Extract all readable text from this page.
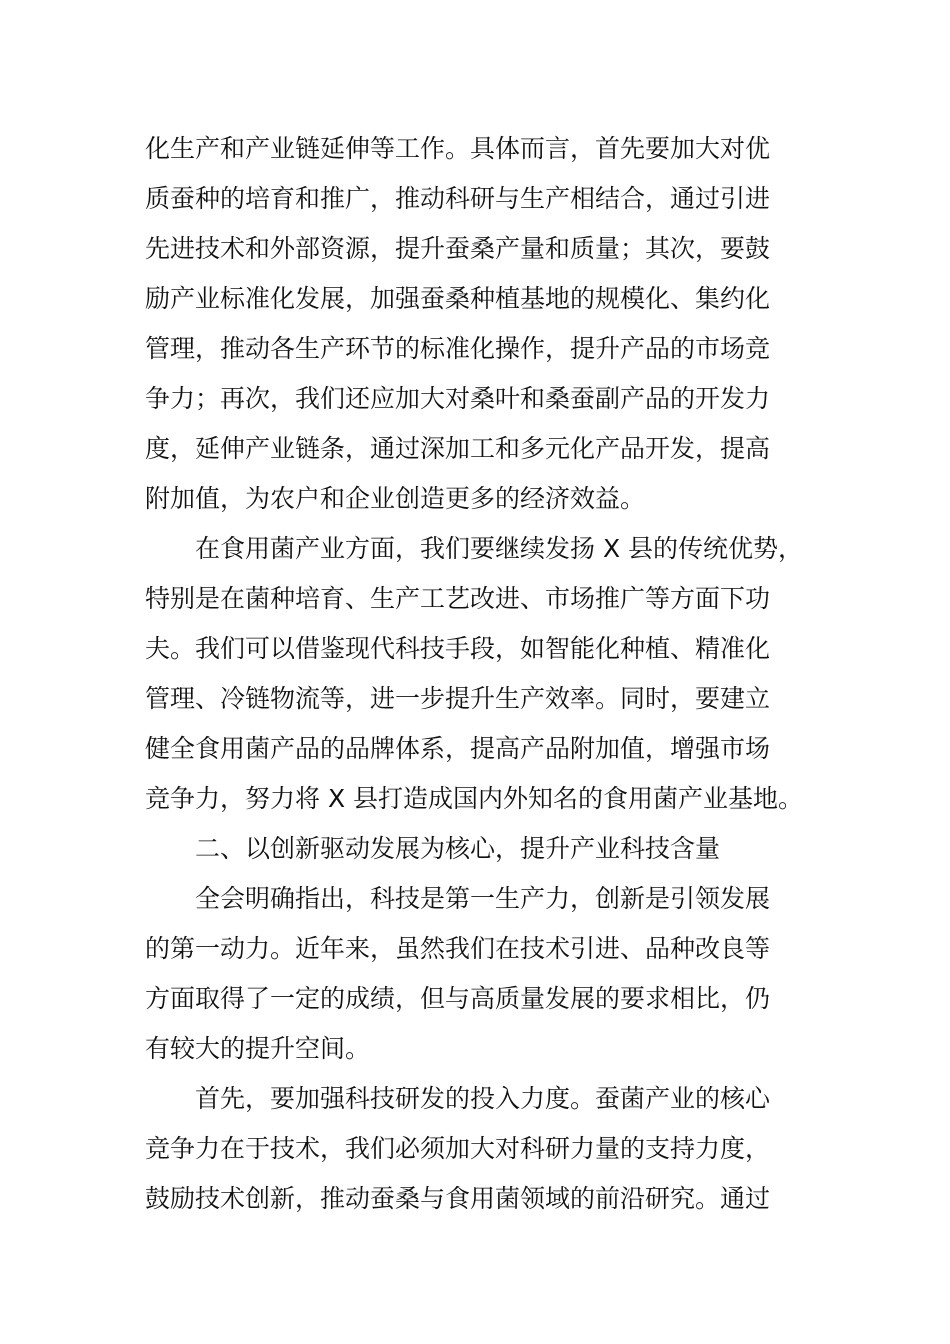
化生产和产业链延伸等工作。具体而言，首先要加大对优
质蚕种的培育和推广，推动科研与生产相结合，通过引进
先进技术和外部资源，提升蚕桑产量和质量；其次，要鼓
励产业标准化发展，加强蚕桑种植基地的规模化、集约化
管理，推动各生产环节的标准化操作，提升产品的市场竞
争力；再次，我们还应加大对桑叶和桑蚕副产品的开发力
度，延伸产业链条，通过深加工和多元化产品开发，提高
附加值，为农户和企业创造更多的经济效益。
在食用菌产业方面，我们要继续发扬 X 县的传统优势，
特别是在菌种培育、生产工艺改进、市场推广等方面下功
夫。我们可以借鉴现代科技手段，如智能化种植、精准化
管理、冷链物流等，进一步提升生产效率。同时，要建立
健全食用菌产品的品牌体系，提高产品附加值，增强市场
竞争力，努力将 X 县打造成国内外知名的食用菌产业基地。
二、以创新驱动发展为核心，提升产业科技含量
全会明确指出，科技是第一生产力，创新是引领发展
的第一动力。近年来，虽然我们在技术引进、品种改良等
方面取得了一定的成绩，但与高质量发展的要求相比，仍
有较大的提升空间。
首先，要加强科技研发的投入力度。蚕菌产业的核心
竞争力在于技术，我们必须加大对科研力量的支持力度，
鼓励技术创新，推动蚕桑与食用菌领域的前沿研究。通过
